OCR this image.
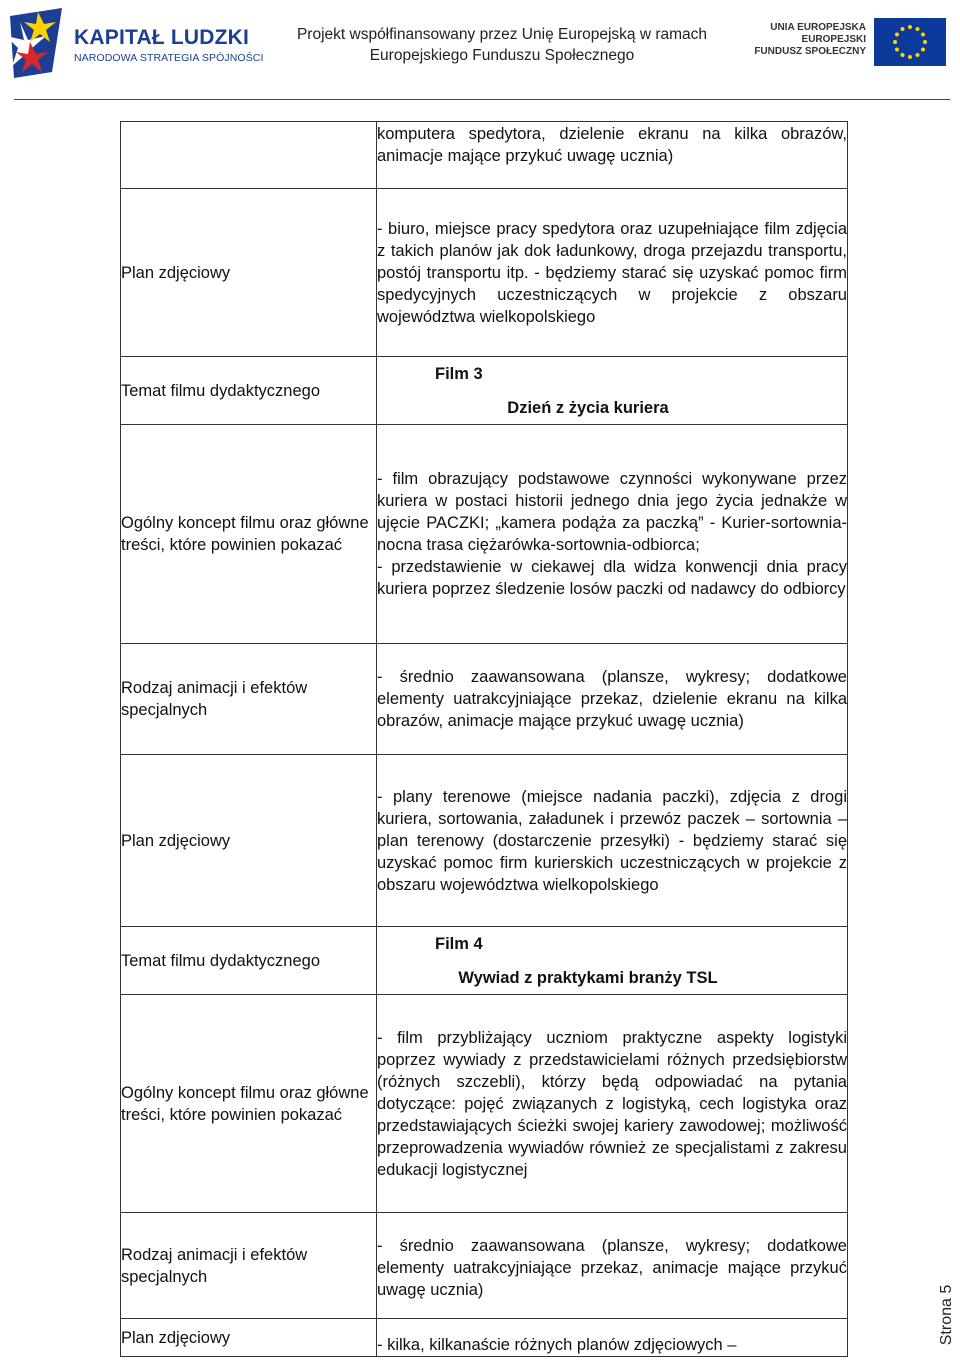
KAPITAŁ LUDZKI
NARODOWA STRATEGIA SPÓJNOŚCI
Projekt współfinansowany przez Unię Europejską w ramach
Europejskiego Funduszu Społecznego
UNIA EUROPEJSKA
EUROPEJSKI
FUNDUSZ SPOŁECZNY
	komputera spedytora, dzielenie ekranu na kilka obrazów, animacje mające przykuć uwagę ucznia)
Plan zdjęciowy	- biuro, miejsce pracy spedytora oraz uzupełniające film zdjęcia z takich planów jak dok ładunkowy, droga przejazdu transportu, postój transportu itp. - będziemy starać się uzyskać pomoc firm spedycyjnych uczestniczących w projekcie z obszaru województwa wielkopolskiego
Temat filmu dydaktycznego	Film 3
Dzień z życia kuriera

Ogólny koncept filmu oraz główne treści, które powinien pokazać	- film obrazujący podstawowe czynności wykonywane przez kuriera w postaci historii jednego dnia jego życia jednakże w ujęcie PACZKI; „kamera podąża za paczką” - Kurier-sortownia-nocna trasa ciężarówka-sortownia-odbiorca;

- przedstawienie w ciekawej dla widza konwencji dnia pracy kuriera poprzez śledzenie losów paczki od nadawcy do odbiorcy

Rodzaj animacji i efektów specjalnych	- średnio zaawansowana (plansze, wykresy; dodatkowe elementy uatrakcyjniające przekaz, dzielenie ekranu na kilka obrazów, animacje mające przykuć uwagę ucznia)
Plan zdjęciowy	- plany terenowe (miejsce nadania paczki), zdjęcia z drogi kuriera, sortowania, załadunek i przewóz paczek – sortownia – plan terenowy (dostarczenie przesyłki) - będziemy starać się uzyskać pomoc firm kurierskich uczestniczących w projekcie z obszaru województwa wielkopolskiego
Temat filmu dydaktycznego	Film 4
Wywiad z praktykami branży TSL

Ogólny koncept filmu oraz główne treści, które powinien pokazać	- film przybliżający uczniom praktyczne aspekty logistyki poprzez wywiady z przedstawicielami różnych przedsiębiorstw (różnych szczebli), którzy będą odpowiadać na pytania dotyczące: pojęć związanych z logistyką, cech logistyka oraz przedstawiających ścieżki swojej kariery zawodowej; możliwość przeprowadzenia wywiadów również ze specjalistami z zakresu edukacji logistycznej
Rodzaj animacji i efektów specjalnych	- średnio zaawansowana (plansze, wykresy; dodatkowe elementy uatrakcyjniające przekaz, animacje mające przykuć uwagę ucznia)
Plan zdjęciowy	- kilka, kilkanaście różnych planów zdjęciowych –	Strona 5
